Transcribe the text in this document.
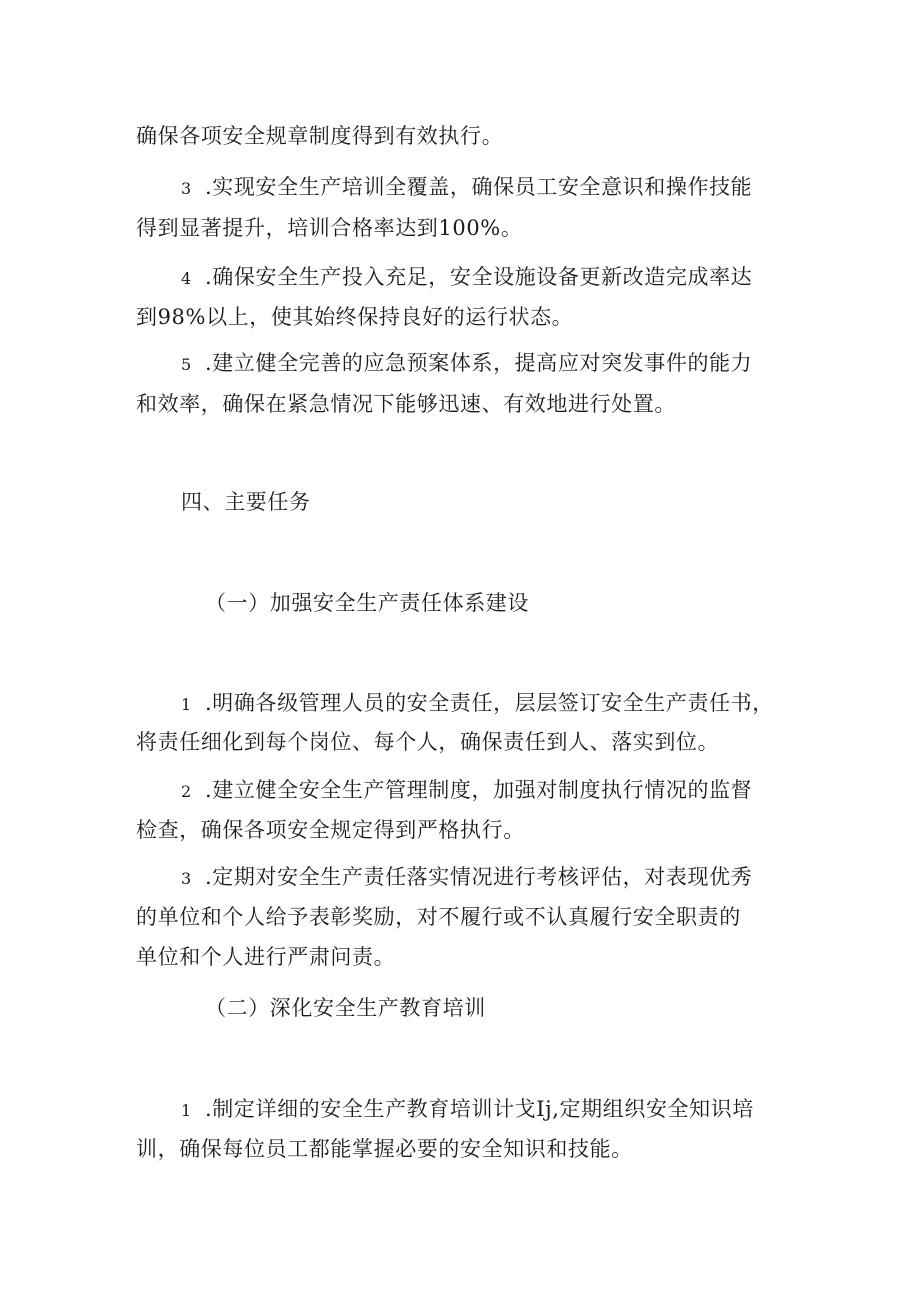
确保各项安全规章制度得到有效执行。
3 .实现安全生产培训全覆盖，确保员工安全意识和操作技能
得到显著提升，培训合格率达到100%。
4 .确保安全生产投入充足，安全设施设备更新改造完成率达
到98%以上，使其始终保持良好的运行状态。
5 .建立健全完善的应急预案体系，提高应对突发事件的能力
和效率，确保在紧急情况下能够迅速、有效地进行处置。
四、主要任务
（一）加强安全生产责任体系建设
1 .明确各级管理人员的安全责任，层层签订安全生产责任书，
将责任细化到每个岗位、每个人，确保责任到人、落实到位。
2 .建立健全安全生产管理制度，加强对制度执行情况的监督
检查，确保各项安全规定得到严格执行。
3 .定期对安全生产责任落实情况进行考核评估，对表现优秀
的单位和个人给予表彰奖励，对不履行或不认真履行安全职责的
单位和个人进行严肃问责。
（二）深化安全生产教育培训
1 .制定详细的安全生产教育培训计戈Ij,定期组织安全知识培
训，确保每位员工都能掌握必要的安全知识和技能。
